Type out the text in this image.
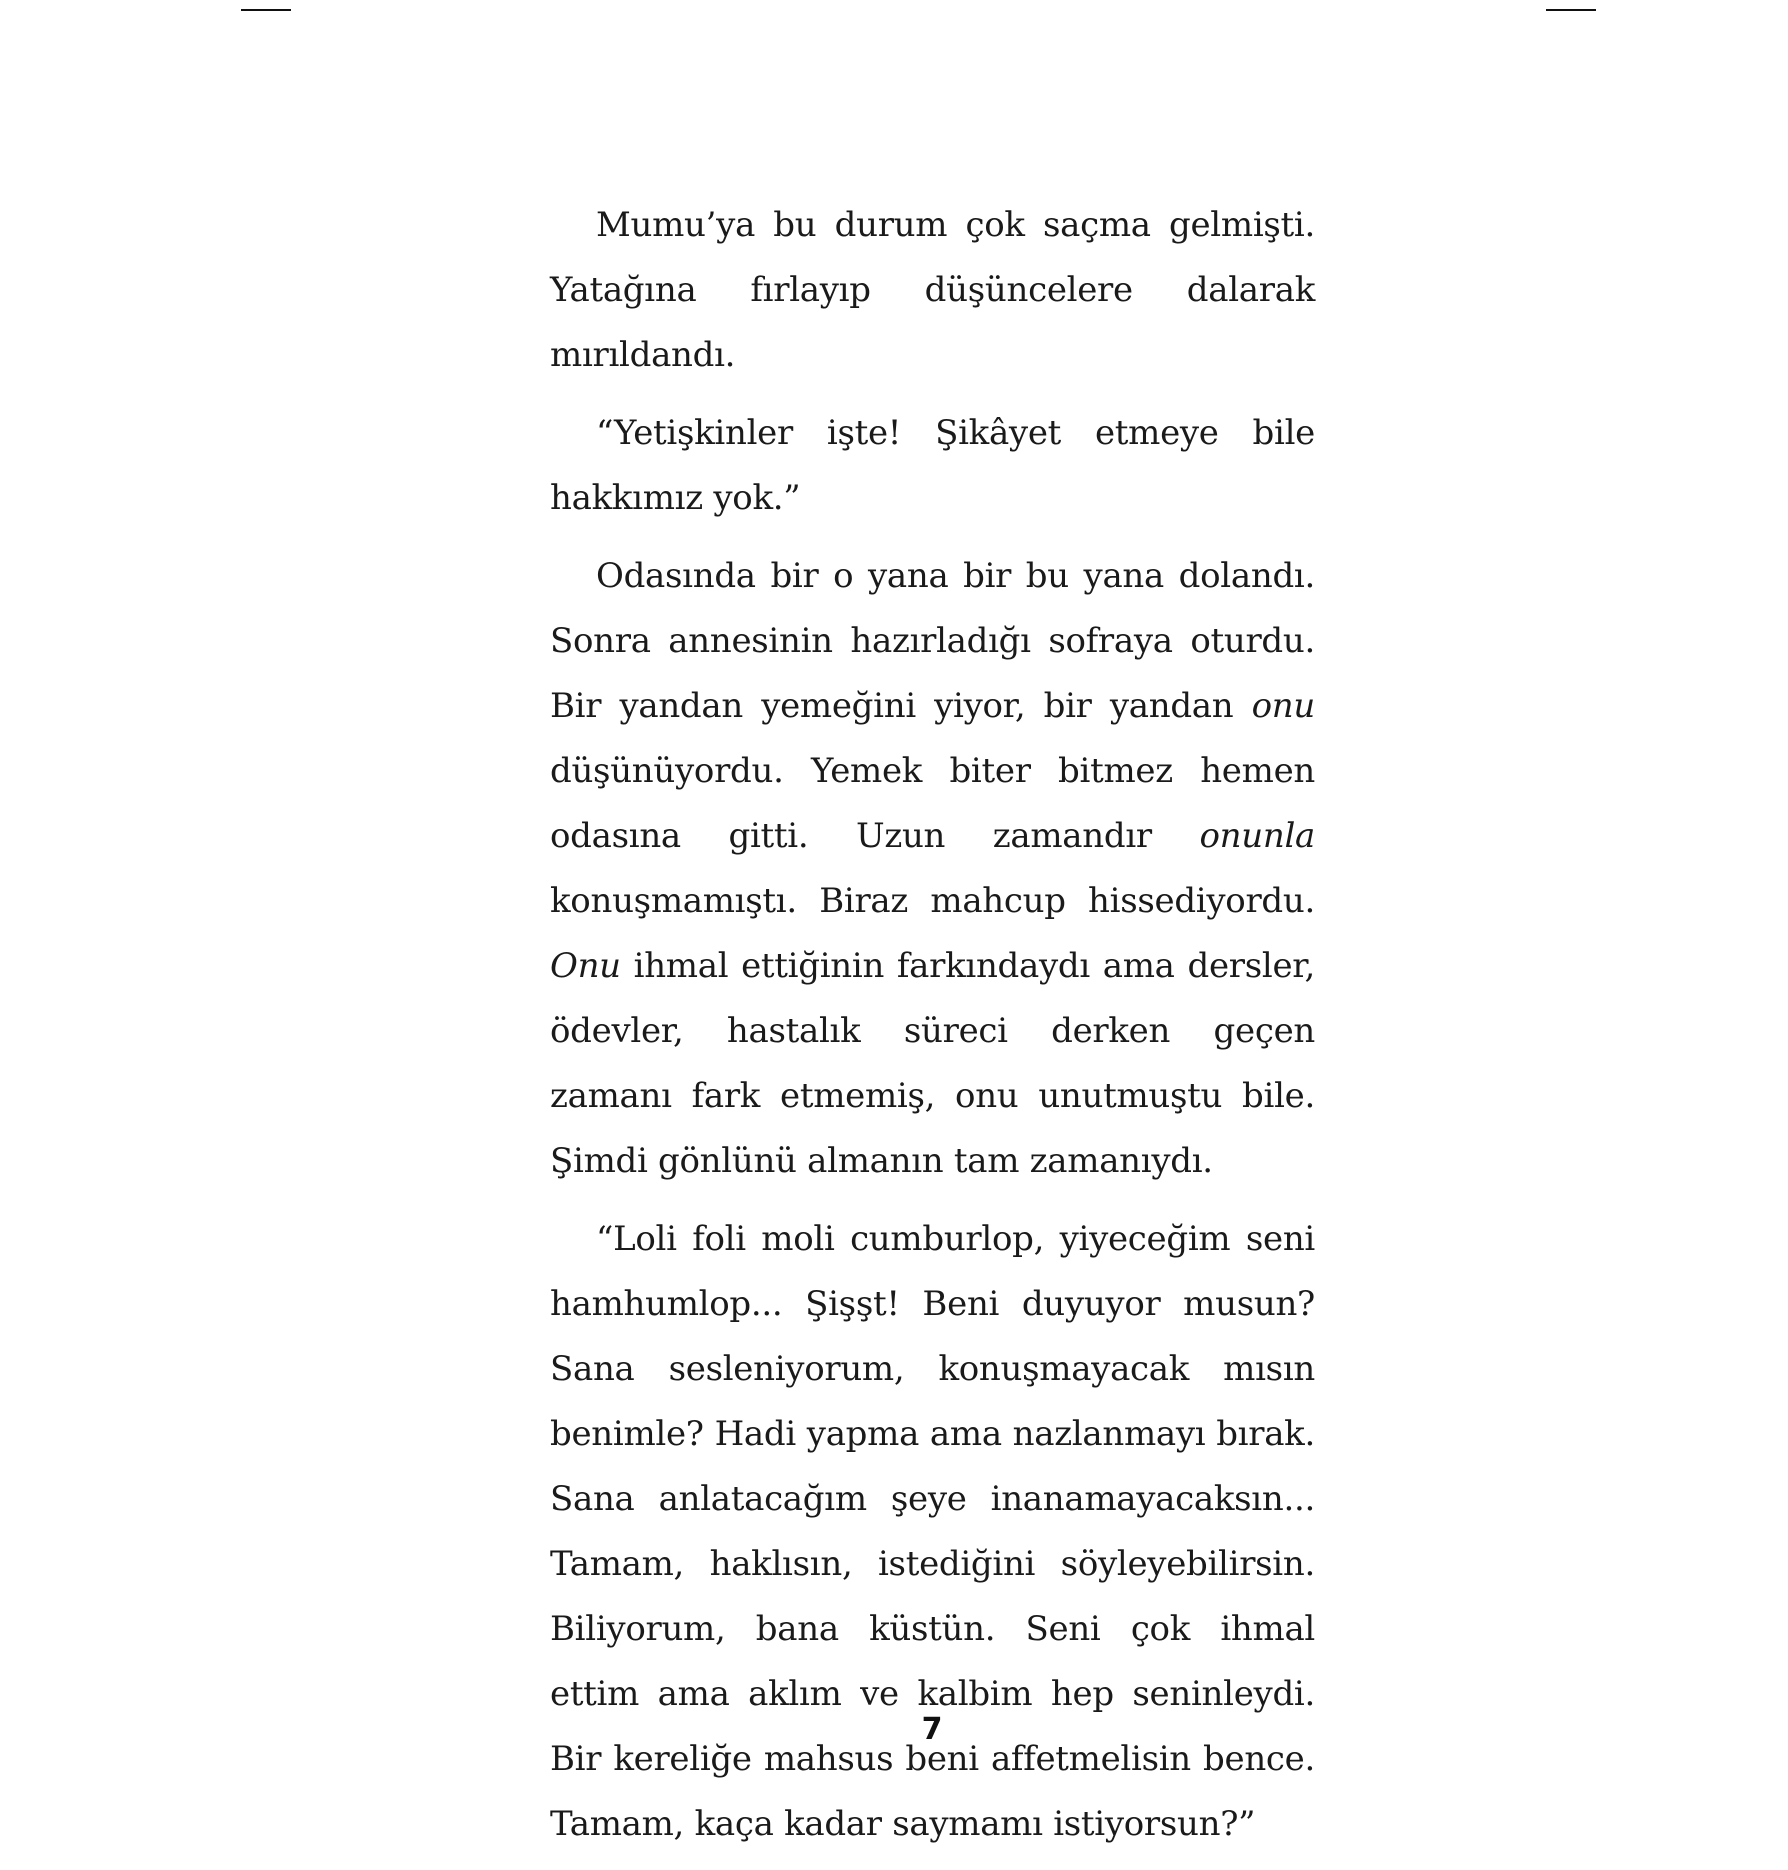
Mumu’ya bu durum çok saçma gelmişti. Yatağına fırlayıp düşüncelere dalarak mırıldandı.

“Yetişkinler işte! Şikâyet etmeye bile hakkımız yok.”

Odasında bir o yana bir bu yana dolandı. Sonra annesinin hazırladığı sofraya oturdu. Bir yandan yemeğini yiyor, bir yandan onu düşünüyordu. Yemek biter bitmez hemen odasına gitti. Uzun zamandır onunla konuşmamıştı. Biraz mahcup hissediyordu. Onu ihmal ettiğinin farkındaydı ama dersler, ödevler, hastalık süreci derken geçen zamanı fark etmemiş, onu unutmuştu bile. Şimdi gönlünü almanın tam zamanıydı.

“Loli foli moli cumburlop, yiyeceğim seni hamhumlop... Şişşt! Beni duyuyor musun? Sana sesleniyorum, konuşmayacak mısın benimle? Hadi yapma ama nazlanmayı bırak. Sana anlatacağım şeye inanamayacaksın... Tamam, haklısın, istediğini söyleyebilirsin. Biliyorum, bana küstün. Seni çok ihmal ettim ama aklım ve kalbim hep seninleydi. Bir kereliğe mahsus beni affetmelisin bence. Tamam, kaça kadar saymamı istiyorsun?”

7
